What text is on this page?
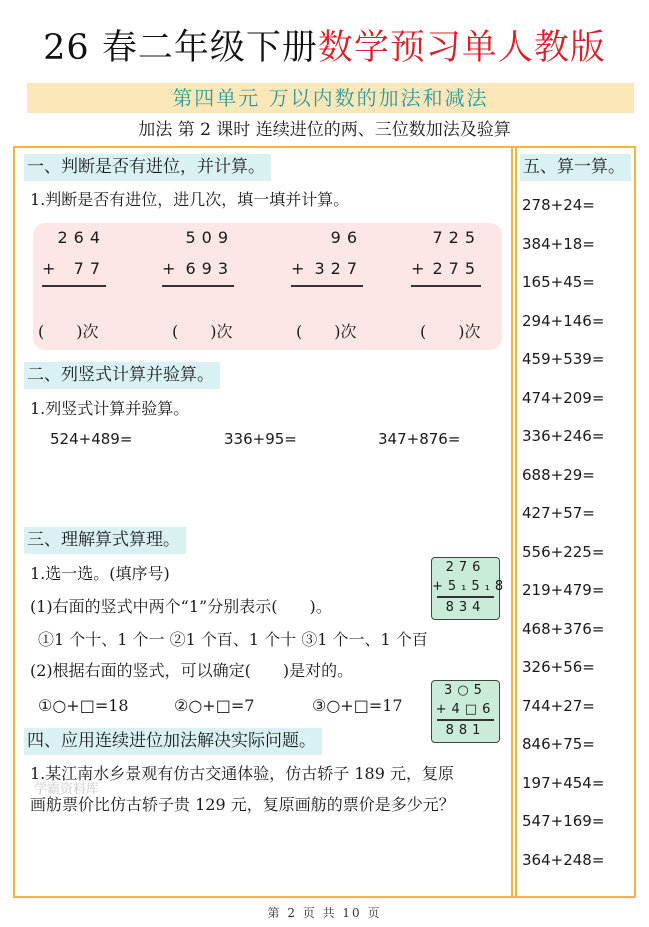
26 春二年级下册数学预习单人教版
第四单元 万以内数的加法和减法
加法 第 2 课时 连续进位的两、三位数加法及验算
一、判断是否有进位，并计算。
1.判断是否有进位，进几次，填一填并计算。
264
+ 77
509
+ 693
96
+ 327
725
+ 275
(　　)次	(　　)次	(　　)次	(　　)次
二、列竖式计算并验算。
1.列竖式计算并验算。
524+489=	336+95=	347+876=
三、理解算式算理。
1.选一选。(填序号)
(1)右面的竖式中两个“1”分别表示(　　)。
①1 个十、1 个一 ②1 个百、1 个十 ③1 个一、1 个百
(2)根据右面的竖式，可以确定(　　)是对的。
①○+□=18	②○+□=7	③○+□=17
276
+5₁5₁8
834
3○5
+4□6
881
四、应用连续进位加法解决实际问题。
1.某江南水乡景观有仿古交通体验，仿古轿子 189 元，复原
画舫票价比仿古轿子贵 129 元，复原画舫的票价是多少元？
学霸资料库
五、算一算。
278+24=
384+18=
165+45=
294+146=
459+539=
474+209=
336+246=
688+29=
427+57=
556+225=
219+479=
468+376=
326+56=
744+27=
846+75=
197+454=
547+169=
364+248=
第 2 页 共 10 页
